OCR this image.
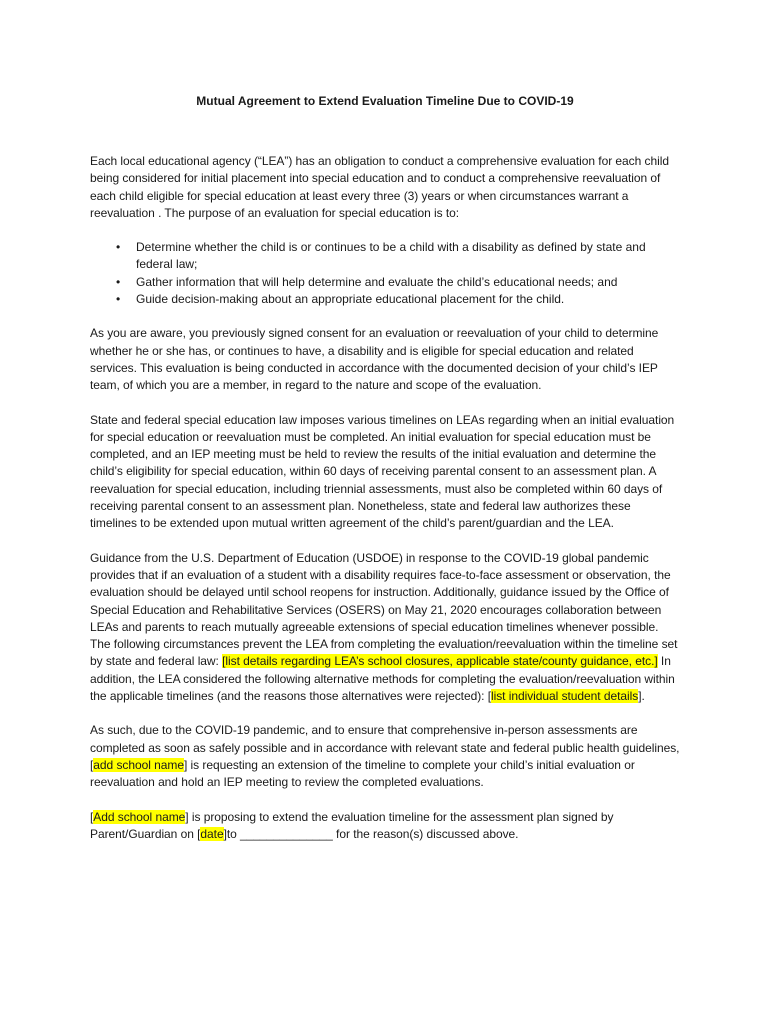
Mutual Agreement to Extend Evaluation Timeline Due to COVID-19

Each local educational agency (“LEA”) has an obligation to conduct a comprehensive evaluation for each child being considered for initial placement into special education and to conduct a comprehensive reevaluation of each child eligible for special education at least every three (3) years or when circumstances warrant a reevaluation . The purpose of an evaluation for special education is to:

• Determine whether the child is or continues to be a child with a disability as defined by state and federal law;
• Gather information that will help determine and evaluate the child’s educational needs; and
• Guide decision-making about an appropriate educational placement for the child.

As you are aware, you previously signed consent for an evaluation or reevaluation of your child to determine whether he or she has, or continues to have, a disability and is eligible for special education and related services. This evaluation is being conducted in accordance with the documented decision of your child’s IEP team, of which you are a member, in regard to the nature and scope of the evaluation.

State and federal special education law imposes various timelines on LEAs regarding when an initial evaluation for special education or reevaluation must be completed. An initial evaluation for special education must be completed, and an IEP meeting must be held to review the results of the initial evaluation and determine the child’s eligibility for special education, within 60 days of receiving parental consent to an assessment plan. A reevaluation for special education, including triennial assessments, must also be completed within 60 days of receiving parental consent to an assessment plan. Nonetheless, state and federal law authorizes these timelines to be extended upon mutual written agreement of the child’s parent/guardian and the LEA.

Guidance from the U.S. Department of Education (USDOE) in response to the COVID-19 global pandemic provides that if an evaluation of a student with a disability requires face-to-face assessment or observation, the evaluation should be delayed until school reopens for instruction. Additionally, guidance issued by the Office of Special Education and Rehabilitative Services (OSERS) on May 21, 2020 encourages collaboration between LEAs and parents to reach mutually agreeable extensions of special education timelines whenever possible. The following circumstances prevent the LEA from completing the evaluation/reevaluation within the timeline set by state and federal law: [list details regarding LEA’s school closures, applicable state/county guidance, etc.] In addition, the LEA considered the following alternative methods for completing the evaluation/reevaluation within the applicable timelines (and the reasons those alternatives were rejected): [list individual student details].

As such, due to the COVID-19 pandemic, and to ensure that comprehensive in-person assessments are completed as soon as safely possible and in accordance with relevant state and federal public health guidelines, [add school name] is requesting an extension of the timeline to complete your child’s initial evaluation or reevaluation and hold an IEP meeting to review the completed evaluations.

[Add school name] is proposing to extend the evaluation timeline for the assessment plan signed by Parent/Guardian on [date]to ______________ for the reason(s) discussed above.
